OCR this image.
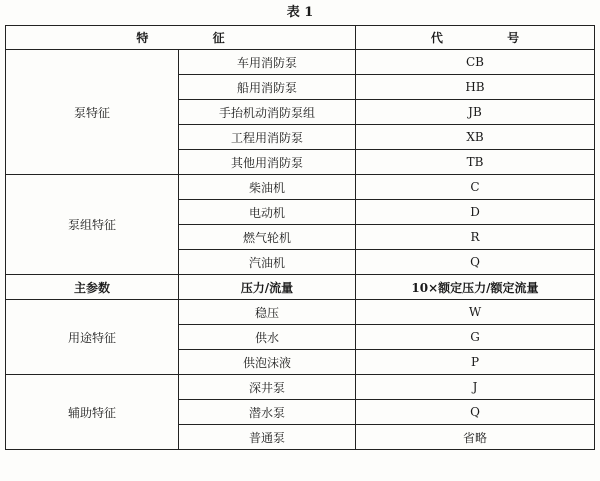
表 1
特 征		代 号
泵特征	车用消防泵	CB
	船用消防泵	HB
	手抬机动消防泵组	JB
	工程用消防泵	XB
	其他用消防泵	TB
泵组特征	柴油机	C
	电动机	D
	燃气轮机	R
	汽油机	Q
主参数	压力/流量	10×额定压力/额定流量
用途特征	稳压	W
	供水	G
	供泡沫液	P
辅助特征	深井泵	J
	潜水泵	Q
	普通泵	省略
